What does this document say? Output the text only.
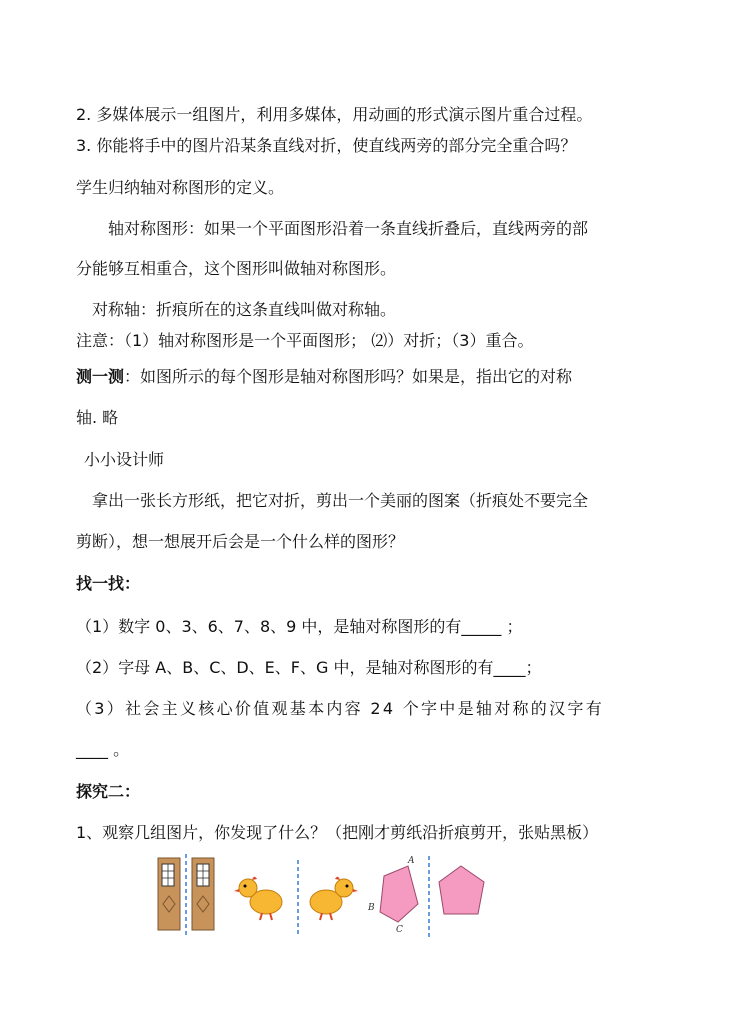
2. 多媒体展示一组图片，利用多媒体，用动画的形式演示图片重合过程。
3. 你能将手中的图片沿某条直线对折，使直线两旁的部分完全重合吗？
学生归纳轴对称图形的定义。
轴对称图形：如果一个平面图形沿着一条直线折叠后，直线两旁的部
分能够互相重合，这个图形叫做轴对称图形。
对称轴：折痕所在的这条直线叫做对称轴。
注意：（1）轴对称图形是一个平面图形； ⑵）对折；（3）重合。
测一测：如图所示的每个图形是轴对称图形吗？如果是，指出它的对称
轴. 略
小小设计师
拿出一张长方形纸，把它对折，剪出一个美丽的图案（折痕处不要完全
剪断），想一想展开后会是一个什么样的图形？
找一找：
（1）数字 0、3、6、7、8、9 中，是轴对称图形的有_____ ；
（2）字母 A、B、C、D、E、F、G 中，是轴对称图形的有____；
（3）社会主义核心价值观基本内容 24 个字中是轴对称的汉字有
____ 。
探究二：
1、观察几组图片，你发现了什么？（把刚才剪纸沿折痕剪开，张贴黑板）
A
B
C
